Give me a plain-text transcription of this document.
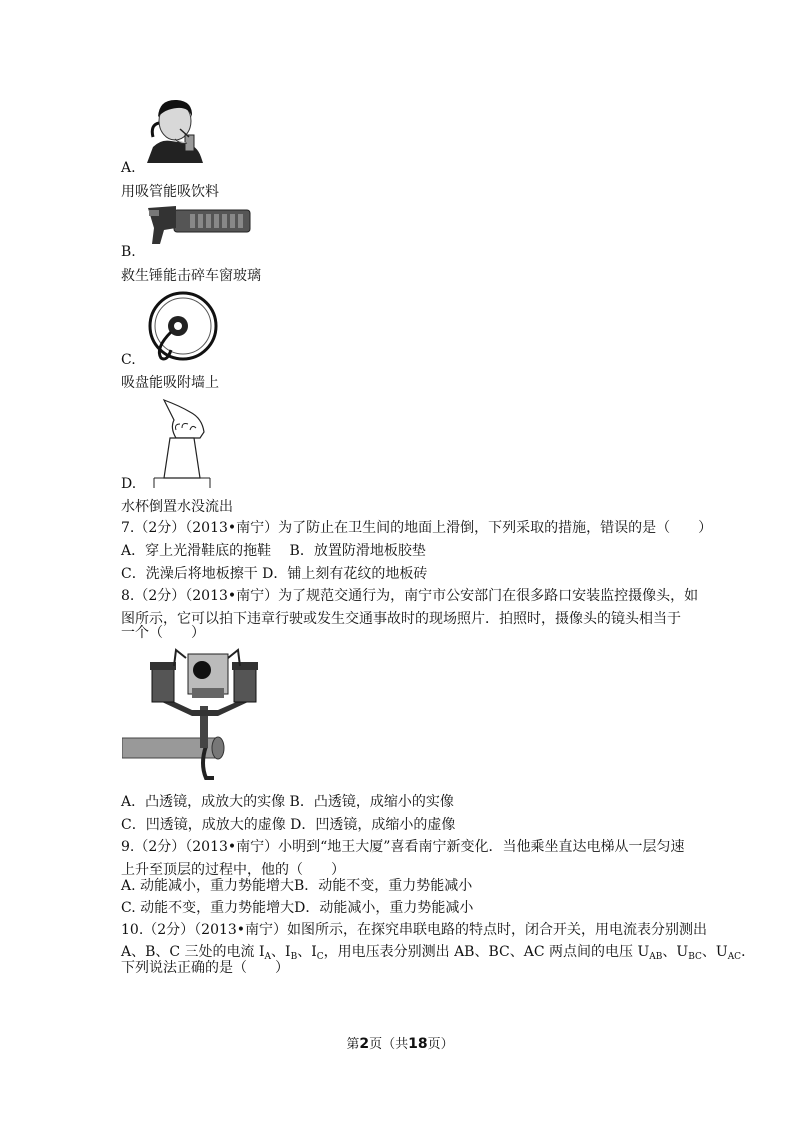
A.
用吸管能吸饮料
B.
救生锤能击碎车窗玻璃
C.
吸盘能吸附墙上
D.
水杯倒置水没流出
7.（2分）（2013•南宁）为了防止在卫生间的地面上滑倒，下列采取的措施，错误的是（　　）
A．穿上光滑鞋底的拖鞋　 B．放置防滑地板胶垫
C．洗澡后将地板擦干 D．铺上刻有花纹的地板砖
8.（2分）（2013•南宁）为了规范交通行为，南宁市公安部门在很多路口安装监控摄像头，如
图所示，它可以拍下违章行驶或发生交通事故时的现场照片．拍照时，摄像头的镜头相当于
一个（　　）
A．凸透镜，成放大的实像 B．凸透镜，成缩小的实像
C．凹透镜，成放大的虚像 D．凹透镜，成缩小的虚像
9.（2分）（2013•南宁）小明到“地王大厦”喜看南宁新变化．当他乘坐直达电梯从一层匀速
上升至顶层的过程中，他的（　　）
A. 动能减小，重力势能增大B．动能不变，重力势能减小
C. 动能不变，重力势能增大D．动能减小，重力势能减小
10.（2分）（2013•南宁）如图所示，在探究串联电路的特点时，闭合开关，用电流表分别测出
A、B、C 三处的电流 $I_A$、$I_B$、$I_C$，用电压表分别测出 AB、BC、AC 两点间的电压 $U_{AB}$、$U_{BC}$、$U_{AC}$．
下列说法正确的是（　　）
第2页（共18页）
